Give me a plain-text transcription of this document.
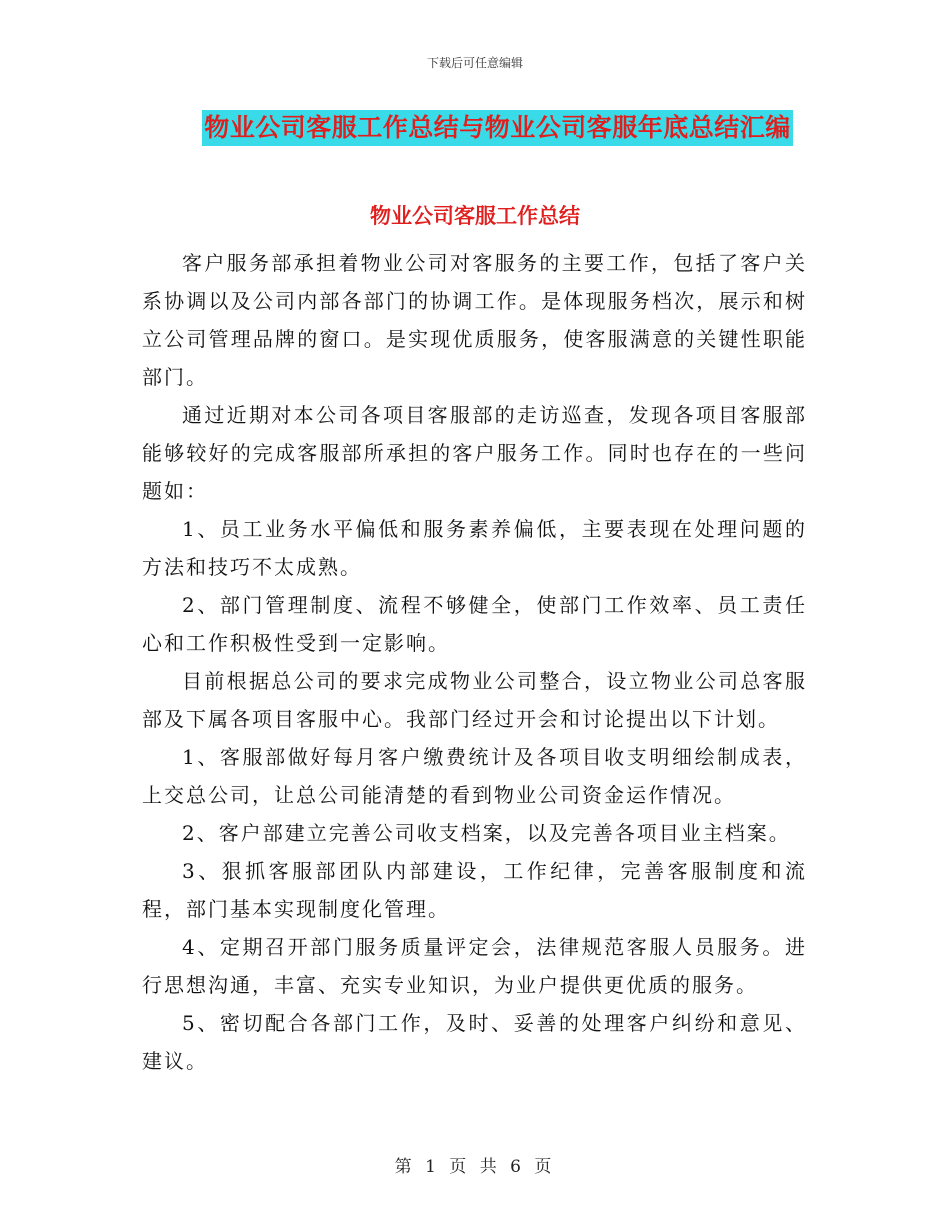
下载后可任意编辑
物业公司客服工作总结与物业公司客服年底总结汇编
物业公司客服工作总结

客户服务部承担着物业公司对客服务的主要工作，包括了客户关系协调以及公司内部各部门的协调工作。是体现服务档次，展示和树立公司管理品牌的窗口。是实现优质服务，使客服满意的关键性职能部门。

通过近期对本公司各项目客服部的走访巡查，发现各项目客服部能够较好的完成客服部所承担的客户服务工作。同时也存在的一些问题如：

1、员工业务水平偏低和服务素养偏低，主要表现在处理问题的方法和技巧不太成熟。

2、部门管理制度、流程不够健全，使部门工作效率、员工责任心和工作积极性受到一定影响。

目前根据总公司的要求完成物业公司整合，设立物业公司总客服部及下属各项目客服中心。我部门经过开会和讨论提出以下计划。

1、客服部做好每月客户缴费统计及各项目收支明细绘制成表，上交总公司，让总公司能清楚的看到物业公司资金运作情况。

2、客户部建立完善公司收支档案，以及完善各项目业主档案。

3、狠抓客服部团队内部建设，工作纪律，完善客服制度和流程，部门基本实现制度化管理。

4、定期召开部门服务质量评定会，法律规范客服人员服务。进行思想沟通，丰富、充实专业知识，为业户提供更优质的服务。

5、密切配合各部门工作，及时、妥善的处理客户纠纷和意见、建议。

第 1 页 共 6 页
